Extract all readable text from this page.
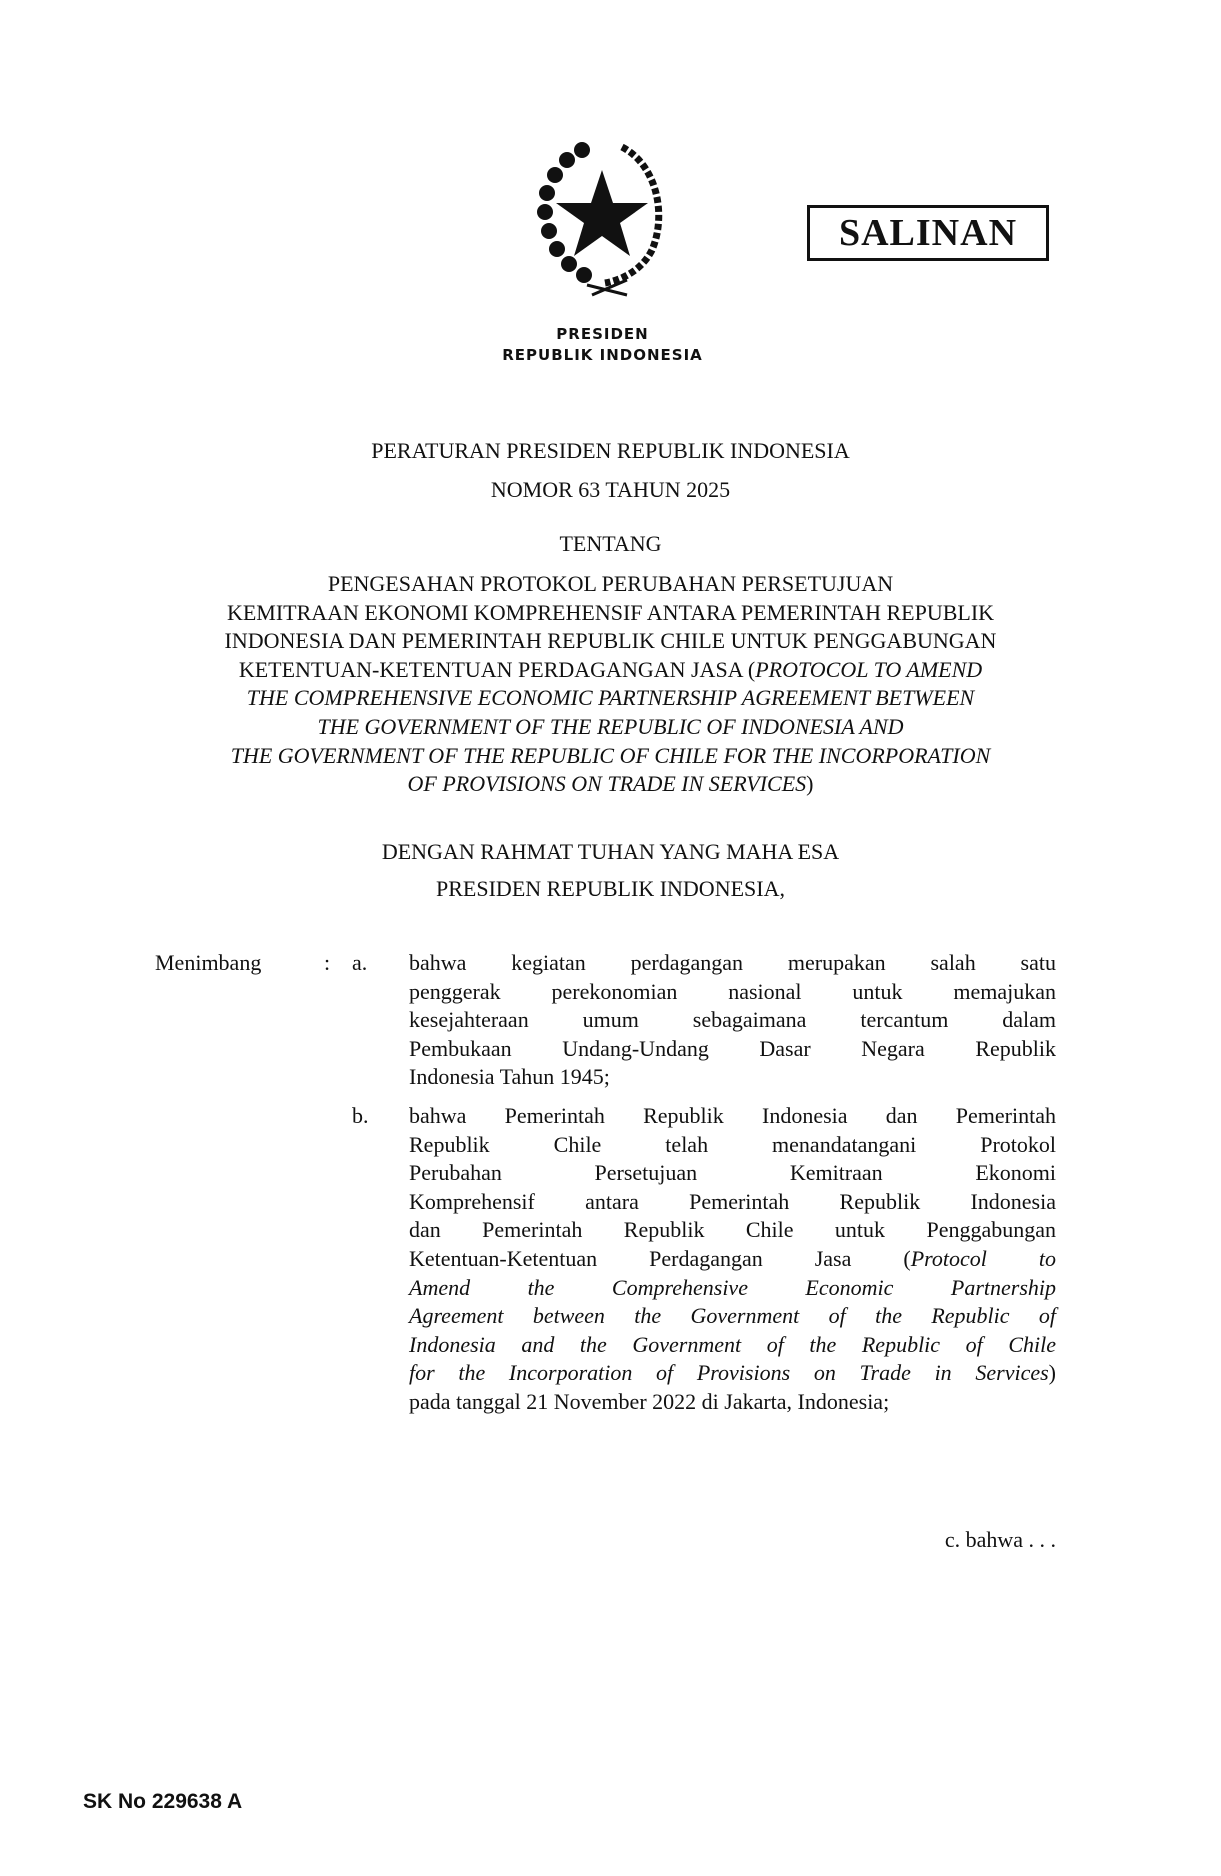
PRESIDEN
REPUBLIK INDONESIA
SALINAN
PERATURAN PRESIDEN REPUBLIK INDONESIA
NOMOR 63 TAHUN 2025
TENTANG
PENGESAHAN PROTOKOL PERUBAHAN PERSETUJUAN
KEMITRAAN EKONOMI KOMPREHENSIF ANTARA PEMERINTAH REPUBLIK
INDONESIA DAN PEMERINTAH REPUBLIK CHILE UNTUK PENGGABUNGAN
KETENTUAN-KETENTUAN PERDAGANGAN JASA (PROTOCOL TO AMEND
THE COMPREHENSIVE ECONOMIC PARTNERSHIP AGREEMENT BETWEEN
THE GOVERNMENT OF THE REPUBLIC OF INDONESIA AND
THE GOVERNMENT OF THE REPUBLIC OF CHILE FOR THE INCORPORATION
OF PROVISIONS ON TRADE IN SERVICES)
DENGAN RAHMAT TUHAN YANG MAHA ESA
PRESIDEN REPUBLIK INDONESIA,
Menimbang	: a. bahwa kegiatan perdagangan merupakan salah satu
penggerak perekonomian nasional untuk memajukan
kesejahteraan umum sebagaimana tercantum dalam
Pembukaan Undang-Undang Dasar Negara Republik
Indonesia Tahun 1945;
b. bahwa Pemerintah Republik Indonesia dan Pemerintah
Republik Chile telah menandatangani Protokol
Perubahan Persetujuan Kemitraan Ekonomi
Komprehensif antara Pemerintah Republik Indonesia
dan Pemerintah Republik Chile untuk Penggabungan
Ketentuan-Ketentuan Perdagangan Jasa (Protocol to
Amend the Comprehensive Economic Partnership
Agreement between the Government of the Republic of
Indonesia and the Government of the Republic of Chile
for the Incorporation of Provisions on Trade in Services)
pada tanggal 21 November 2022 di Jakarta, Indonesia;
c. bahwa . . .
SK No 229638 A
